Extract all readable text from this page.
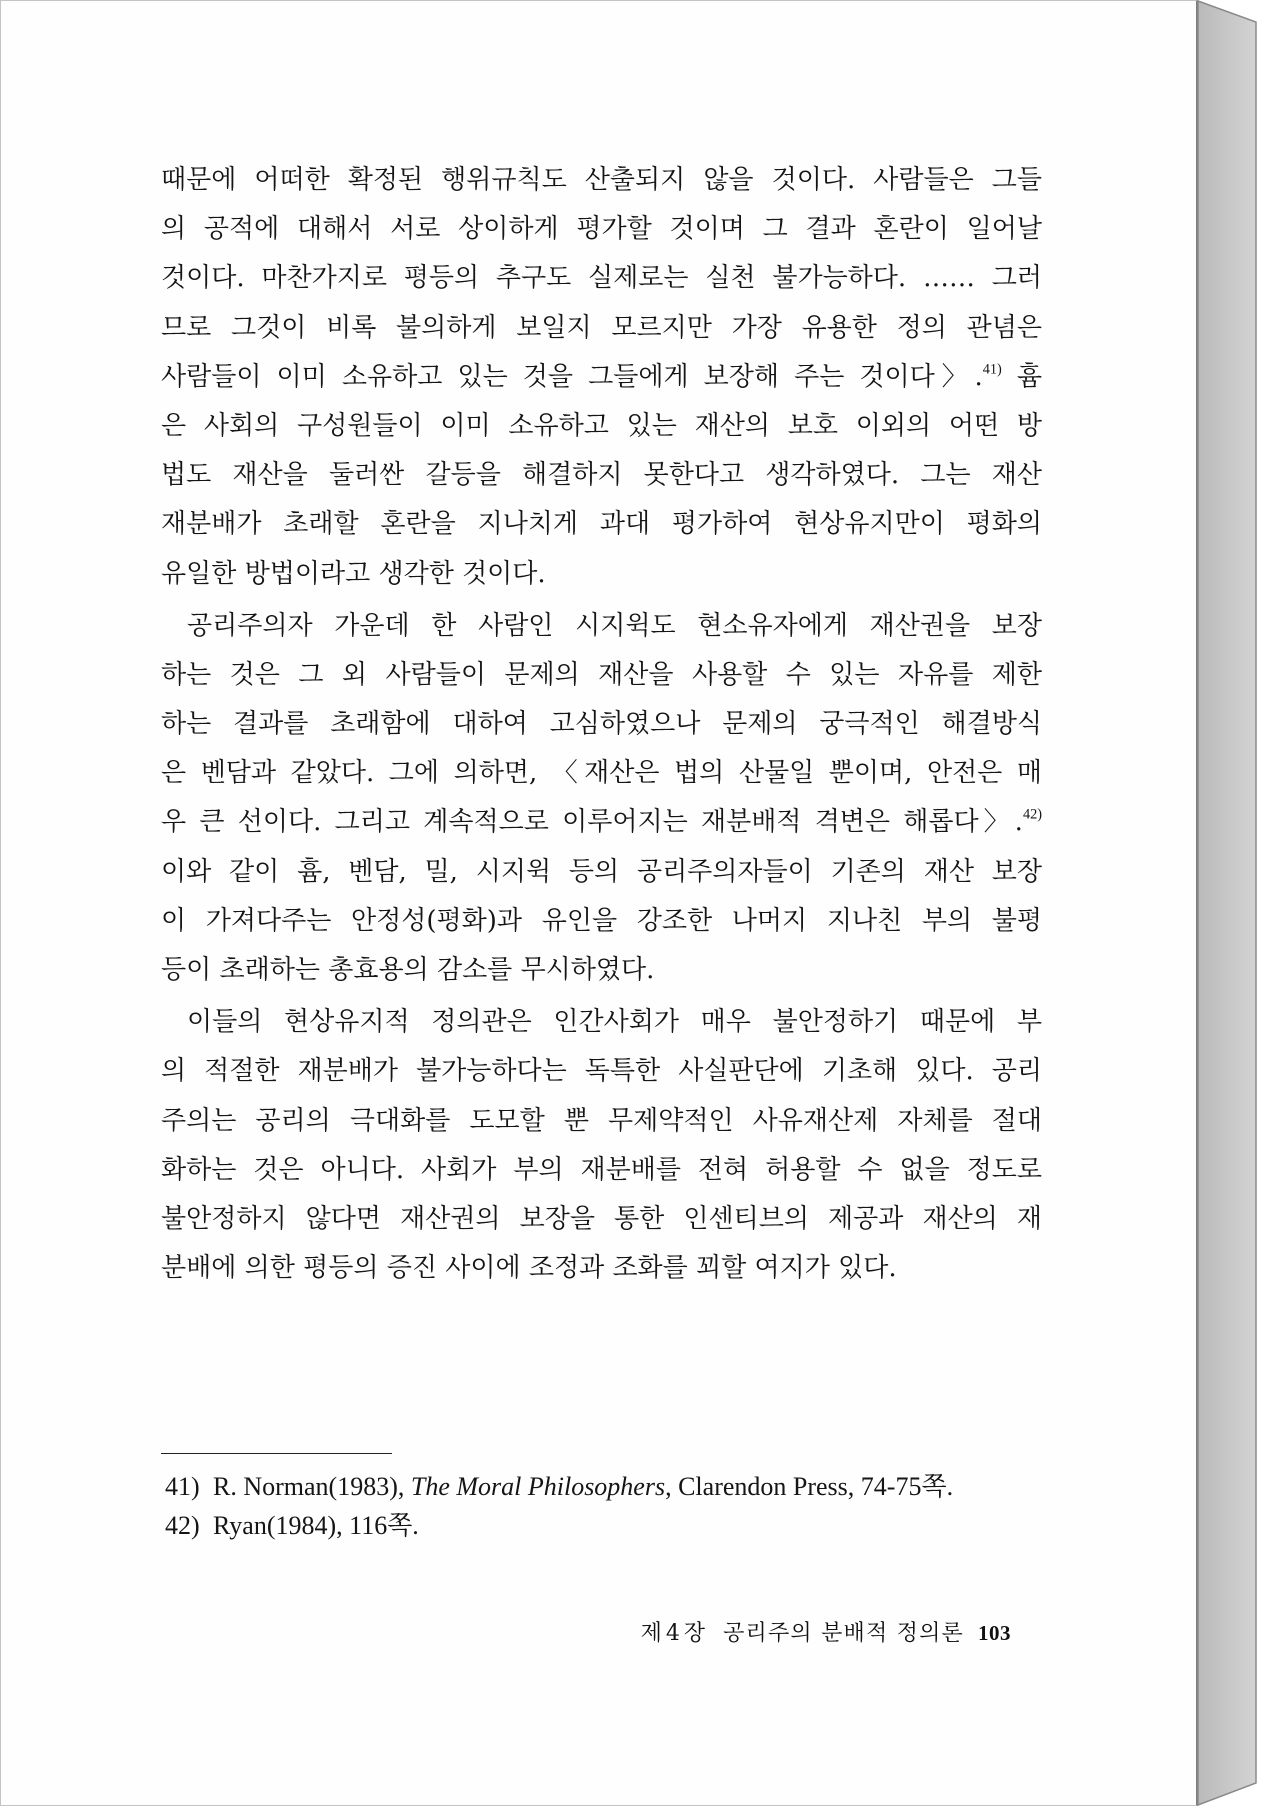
때문에 어떠한 확정된 행위규칙도 산출되지 않을 것이다. 사람들은 그들
의 공적에 대해서 서로 상이하게 평가할 것이며 그 결과 혼란이 일어날
것이다. 마찬가지로 평등의 추구도 실제로는 실천 불가능하다. …… 그러
므로 그것이 비록 불의하게 보일지 모르지만 가장 유용한 정의 관념은
사람들이 이미 소유하고 있는 것을 그들에게 보장해 주는 것이다〉.$^{41)}$ 흄
은 사회의 구성원들이 이미 소유하고 있는 재산의 보호 이외의 어떤 방
법도 재산을 둘러싼 갈등을 해결하지 못한다고 생각하였다. 그는 재산
재분배가 초래할 혼란을 지나치게 과대 평가하여 현상유지만이 평화의
유일한 방법이라고 생각한 것이다.
공리주의자 가운데 한 사람인 시지윅도 현소유자에게 재산권을 보장
하는 것은 그 외 사람들이 문제의 재산을 사용할 수 있는 자유를 제한
하는 결과를 초래함에 대하여 고심하였으나 문제의 궁극적인 해결방식
은 벤담과 같았다. 그에 의하면, 〈재산은 법의 산물일 뿐이며, 안전은 매
우 큰 선이다. 그리고 계속적으로 이루어지는 재분배적 격변은 해롭다〉.$^{42)}$
이와 같이 흄, 벤담, 밀, 시지윅 등의 공리주의자들이 기존의 재산 보장
이 가져다주는 안정성(평화)과 유인을 강조한 나머지 지나친 부의 불평
등이 초래하는 총효용의 감소를 무시하였다.
이들의 현상유지적 정의관은 인간사회가 매우 불안정하기 때문에 부
의 적절한 재분배가 불가능하다는 독특한 사실판단에 기초해 있다. 공리
주의는 공리의 극대화를 도모할 뿐 무제약적인 사유재산제 자체를 절대
화하는 것은 아니다. 사회가 부의 재분배를 전혀 허용할 수 없을 정도로
불안정하지 않다면 재산권의 보장을 통한 인센티브의 제공과 재산의 재
분배에 의한 평등의 증진 사이에 조정과 조화를 꾀할 여지가 있다.
41) R. Norman(1983), The Moral Philosophers, Clarendon Press, 74-75쪽.
42) Ryan(1984), 116쪽.
제4장 공리주의 분배적 정의론 103
